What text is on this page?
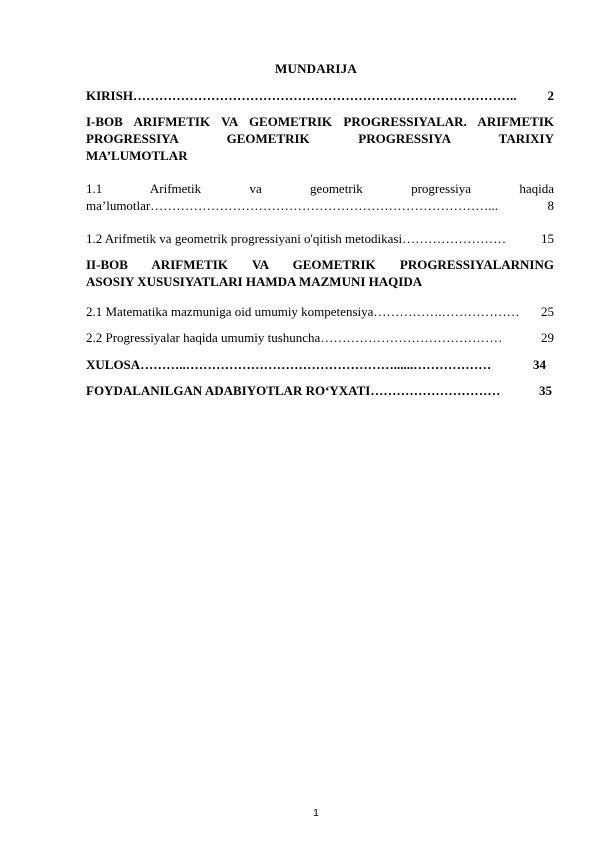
MUNDARIJA
KIRISH……………………………………………………………………………..	2
I-BOB ARIFMETIK VA GEOMETRIK PROGRESSIYALAR. ARIFMETIK
PROGRESSIYA GEOMETRIK PROGRESSIYA TARIXIY
MA’LUMOTLAR
1.1 Arifmetik va geometrik progressiya haqida
ma’lumotlar……………………………………………………………………...	8
1.2 Arifmetik va geometrik progressiyani o'qitish metodikasi……………………	15
II-BOB ARIFMETIK VA GEOMETRIK PROGRESSIYALARNING
ASOSIY XUSUSIYATLARI HAMDA MAZMUNI HAQIDA
2.1 Matematika mazmuniga oid umumiy kompetensiya…………….………………	25
2.2 Progressiyalar haqida umumiy tushuncha……………………………………	29
XULOSA………..…………………………………………......………………	34
FOYDALANILGAN ADABIYOTLAR RO‘YXATI…………………………	35
1
